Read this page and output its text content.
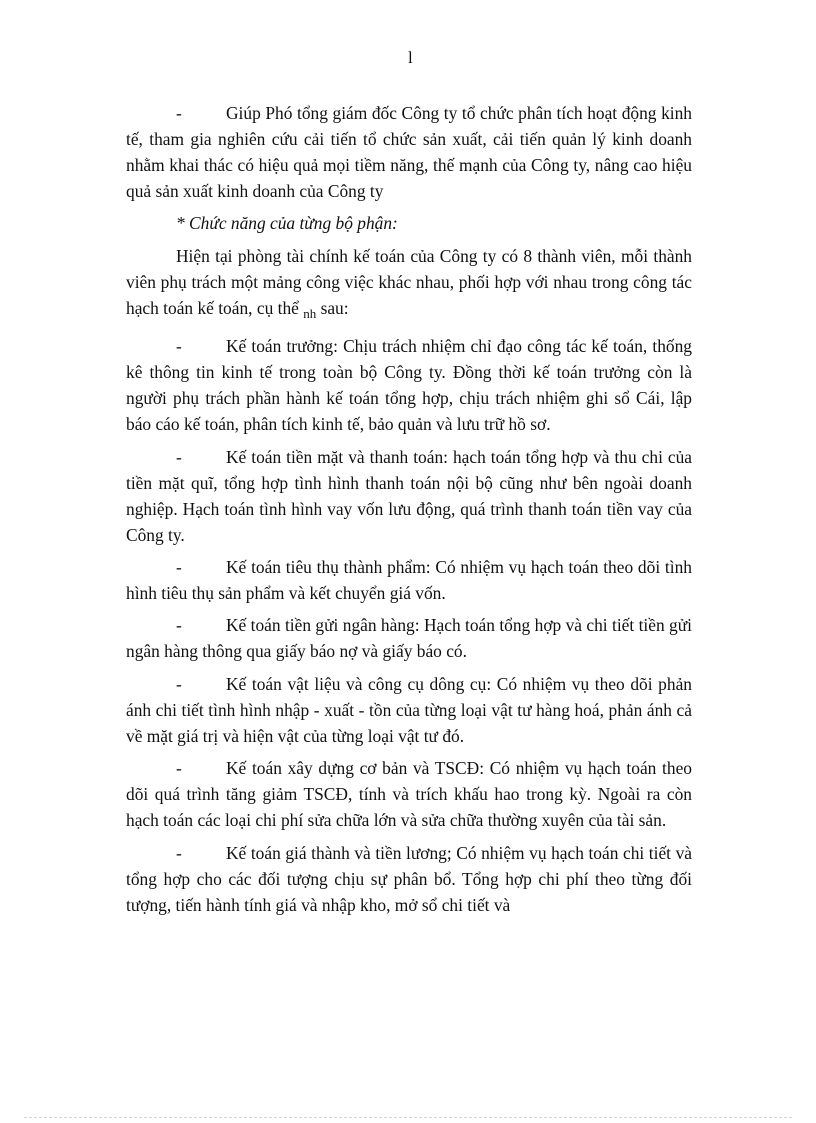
l

-	Giúp Phó tổng giám đốc Công ty tổ chức phân tích hoạt động kinh tế, tham gia nghiên cứu cải tiến tổ chức sản xuất, cải tiến quản lý kinh doanh nhằm khai thác có hiệu quả mọi tiềm năng, thế mạnh của Công ty, nâng cao hiệu quả sản xuất kinh doanh của Công ty

* Chức năng của từng bộ phận:

Hiện tại phòng tài chính kế toán của Công ty có 8 thành viên, mỗi thành viên phụ trách một mảng công việc khác nhau, phối hợp với nhau trong công tác hạch toán kế toán, cụ thể $_{nh}$ sau:

-	Kế toán trưởng: Chịu trách nhiệm chỉ đạo công tác kế toán, thống kê thông tin kinh tế trong toàn bộ Công ty. Đồng thời kế toán trưởng còn là người phụ trách phần hành kế toán tổng hợp, chịu trách nhiệm ghi sổ Cái, lập báo cáo kế toán, phân tích kinh tế, bảo quản và lưu trữ hồ sơ.

-	Kế toán tiền mặt và thanh toán: hạch toán tổng hợp và thu chi của tiền mặt quĩ, tổng hợp tình hình thanh toán nội bộ cũng như bên ngoài doanh nghiệp. Hạch toán tình hình vay vốn lưu động, quá trình thanh toán tiền vay của Công ty.

-	Kế toán tiêu thụ thành phẩm: Có nhiệm vụ hạch toán theo dõi tình hình tiêu thụ sản phẩm và kết chuyển giá vốn.

-	Kế toán tiền gửi ngân hàng: Hạch toán tổng hợp và chi tiết tiền gửi ngân hàng thông qua giấy báo nợ và giấy báo có.

-	Kế toán vật liệu và công cụ dông cụ: Có nhiệm vụ theo dõi phản ánh chi tiết tình hình nhập - xuất - tồn của từng loại vật tư hàng hoá, phản ánh cả về mặt giá trị và hiện vật của từng loại vật tư đó.

-	Kế toán xây dựng cơ bản và TSCĐ: Có nhiệm vụ hạch toán theo dõi quá trình tăng giảm TSCĐ, tính và trích khấu hao trong kỳ. Ngoài ra còn hạch toán các loại chi phí sửa chữa lớn và sửa chữa thường xuyên của tài sản.

-	Kế toán giá thành và tiền lương; Có nhiệm vụ hạch toán chi tiết và tổng hợp cho các đối tượng chịu sự phân bổ. Tổng hợp chi phí theo từng đối tượng, tiến hành tính giá và nhập kho, mở sổ chi tiết và
